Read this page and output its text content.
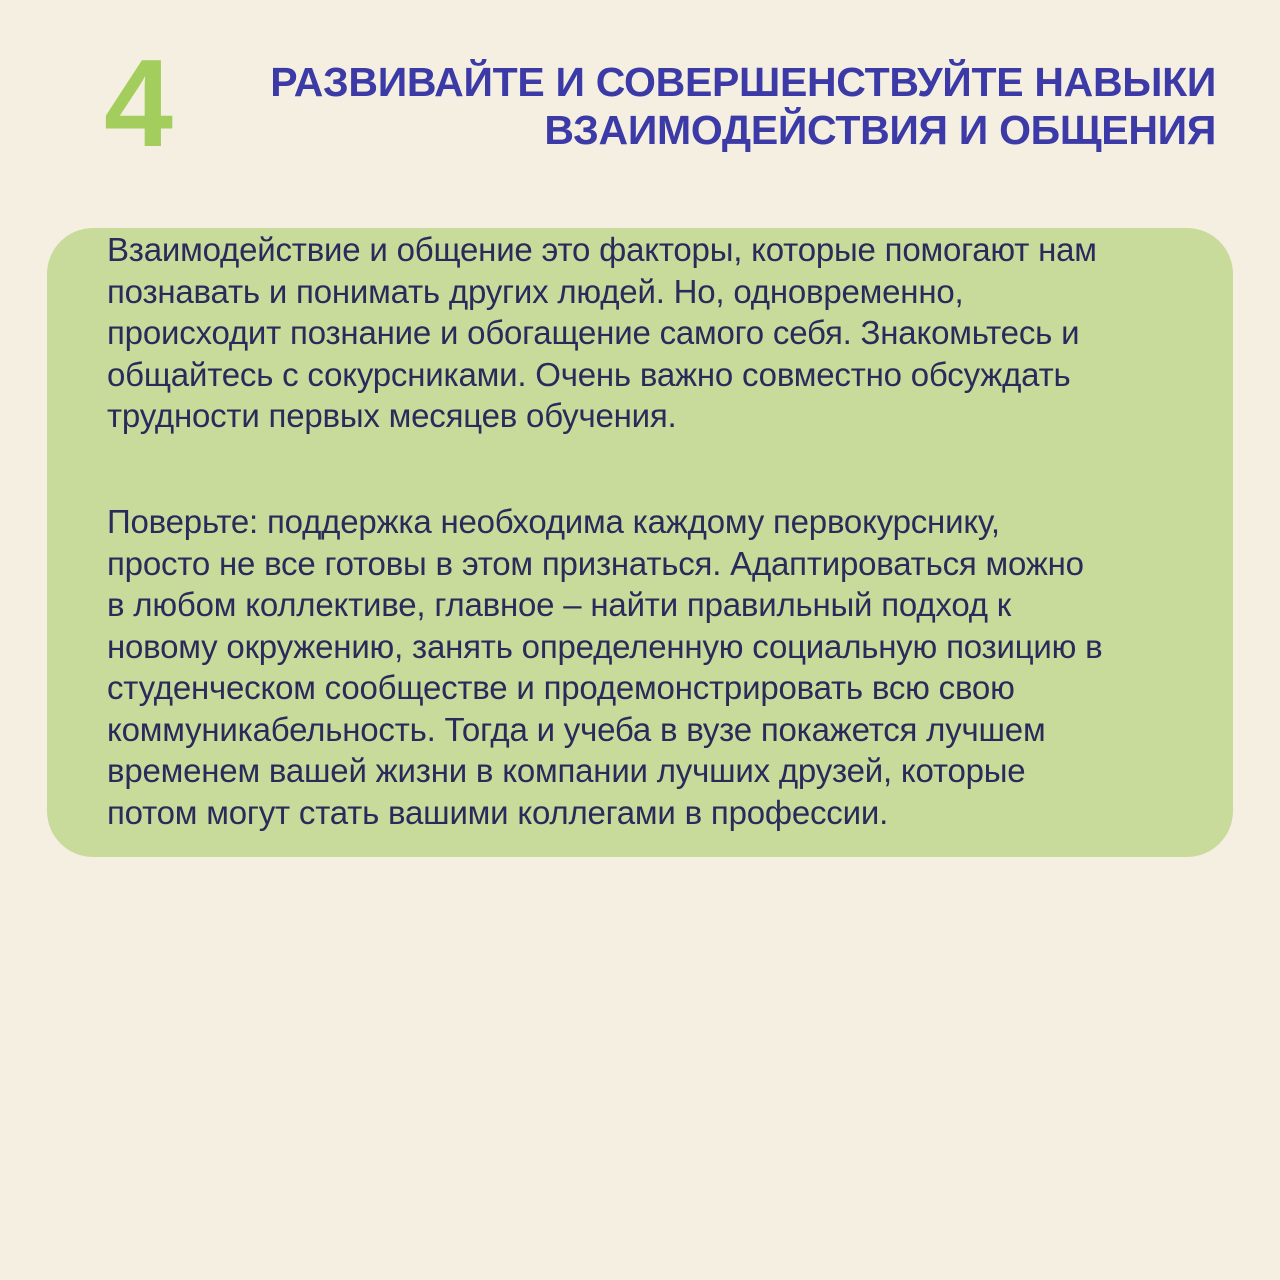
4	РАЗВИВАЙТЕ И СОВЕРШЕНСТВУЙТЕ НАВЫКИ
ВЗАИМОДЕЙСТВИЯ И ОБЩЕНИЯ
Взаимодействие и общение это факторы, которые помогают нам
познавать и понимать других людей. Но, одновременно,
происходит познание и обогащение самого себя. Знакомьтесь и
общайтесь с сокурсниками. Очень важно совместно обсуждать
трудности первых месяцев обучения.
Поверьте: поддержка необходима каждому первокурснику,
просто не все готовы в этом признаться. Адаптироваться можно
в любом коллективе, главное – найти правильный подход к
новому окружению, занять определенную социальную позицию в
студенческом сообществе и продемонстрировать всю свою
коммуникабельность. Тогда и учеба в вузе покажется лучшем
временем вашей жизни в компании лучших друзей, которые
потом могут стать вашими коллегами в профессии.
